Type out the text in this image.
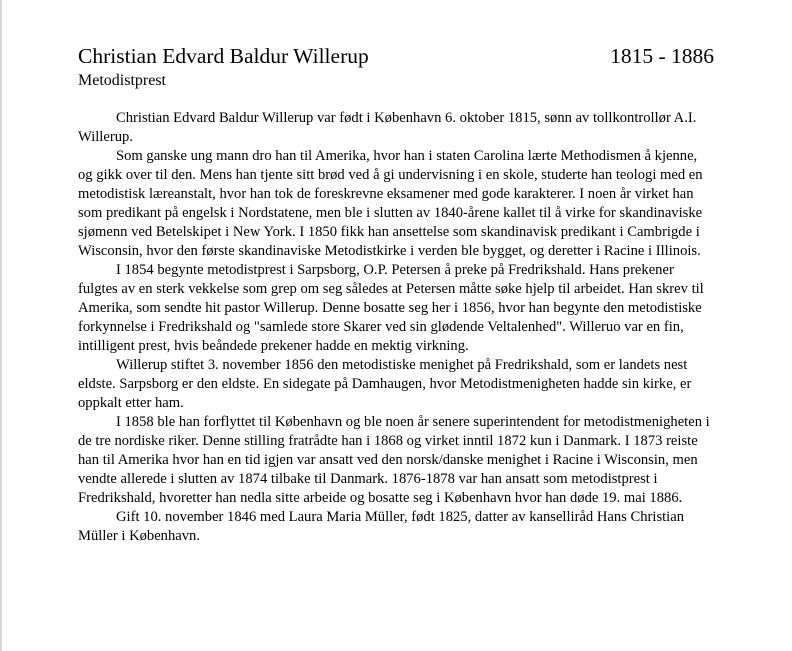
Christian Edvard Baldur Willerup	1815 - 1886
Metodistprest

Christian Edvard Baldur Willerup var født i København 6. oktober 1815, sønn av tollkontrollør A.I. Willerup.

Som ganske ung mann dro han til Amerika, hvor han i staten Carolina lærte Methodismen å kjenne, og gikk over til den. Mens han tjente sitt brød ved å gi undervisning i en skole, studerte han teologi med en metodistisk læreanstalt, hvor han tok de foreskrevne eksamener med gode karakterer. I noen år virket han som predikant på engelsk i Nordstatene, men ble i slutten av 1840-årene kallet til å virke for skandinaviske sjømenn ved Betelskipet i New York. I 1850 fikk han ansettelse som skandinavisk predikant i Cambrigde i Wisconsin, hvor den første skandinaviske Metodistkirke i verden ble bygget, og deretter i Racine i Illinois.

I 1854 begynte metodistprest i Sarpsborg, O.P. Petersen å preke på Fredrikshald. Hans prekener fulgtes av en sterk vekkelse som grep om seg således at Petersen måtte søke hjelp til arbeidet. Han skrev til Amerika, som sendte hit pastor Willerup. Denne bosatte seg her i 1856, hvor han begynte den metodistiske forkynnelse i Fredrikshald og "samlede store Skarer ved sin glødende Veltalenhed". Willeruo var en fin, intilligent prest, hvis beåndede prekener hadde en mektig virkning.

Willerup stiftet 3. november 1856 den metodistiske menighet på Fredrikshald, som er landets nest eldste. Sarpsborg er den eldste. En sidegate på Damhaugen, hvor Metodistmenigheten hadde sin kirke, er oppkalt etter ham.

I 1858 ble han forflyttet til København og ble noen år senere superintendent for metodistmenigheten i de tre nordiske riker. Denne stilling fratrådte han i 1868 og virket inntil 1872 kun i Danmark. I 1873 reiste han til Amerika hvor han en tid igjen var ansatt ved den norsk/danske menighet i Racine i Wisconsin, men vendte allerede i slutten av 1874 tilbake til Danmark. 1876-1878 var han ansatt som metodistprest i Fredrikshald, hvoretter han nedla sitte arbeide og bosatte seg i København hvor han døde 19. mai 1886.

Gift 10. november 1846 med Laura Maria Müller, født 1825, datter av kanselliråd Hans Christian Müller i København.
